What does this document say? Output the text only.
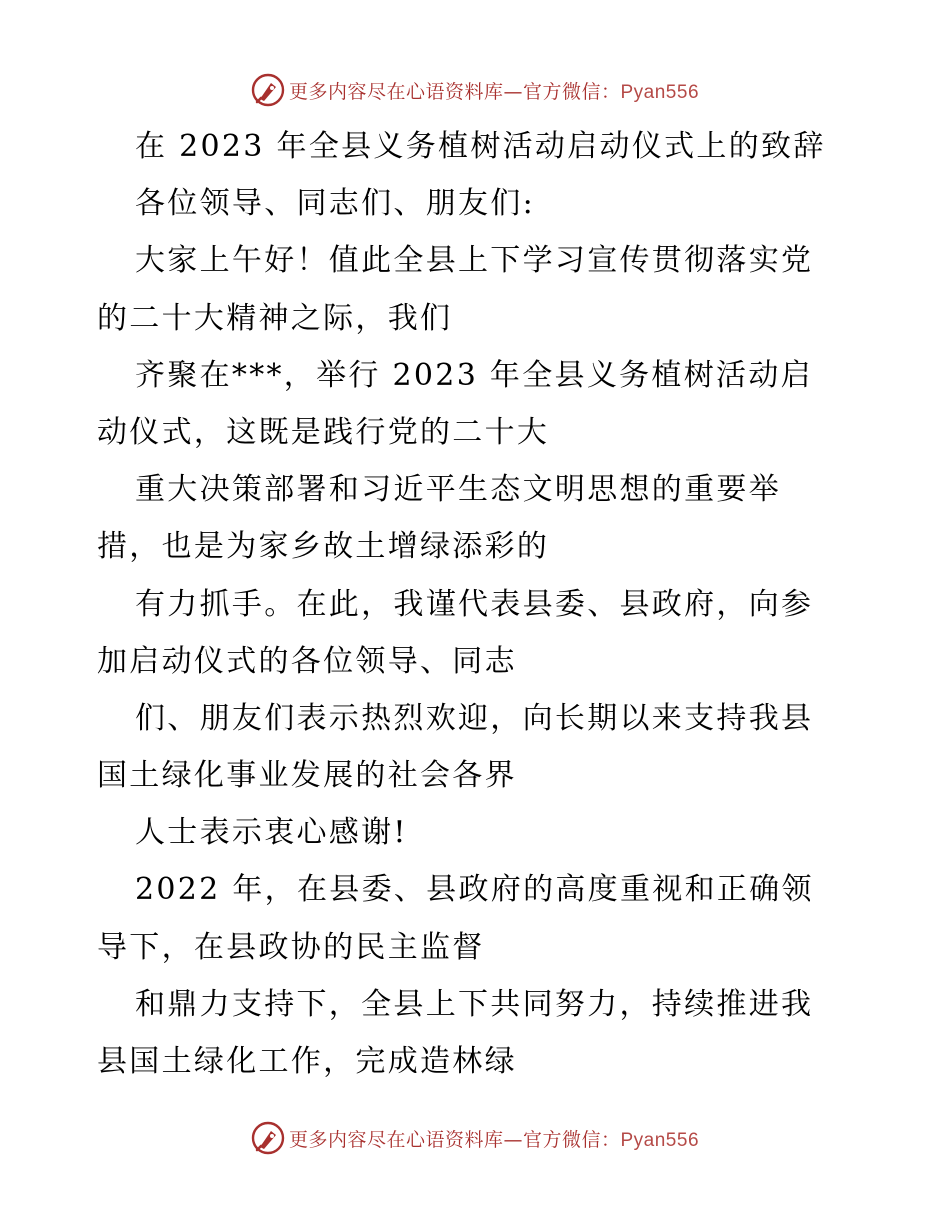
更多内容尽在心语资料库—官方微信：Pyan556
在 2023 年全县义务植树活动启动仪式上的致辞
各位领导、同志们、朋友们:
大家上午好！值此全县上下学习宣传贯彻落实党
的二十大精神之际，我们
齐聚在***，举行 2023 年全县义务植树活动启
动仪式，这既是践行党的二十大
重大决策部署和习近平生态文明思想的重要举
措，也是为家乡故土增绿添彩的
有力抓手。在此，我谨代表县委、县政府，向参
加启动仪式的各位领导、同志
们、朋友们表示热烈欢迎，向长期以来支持我县
国土绿化事业发展的社会各界
人士表示衷心感谢!
2022 年，在县委、县政府的高度重视和正确领
导下，在县政协的民主监督
和鼎力支持下，全县上下共同努力，持续推进我
县国土绿化工作，完成造林绿
更多内容尽在心语资料库—官方微信：Pyan556
